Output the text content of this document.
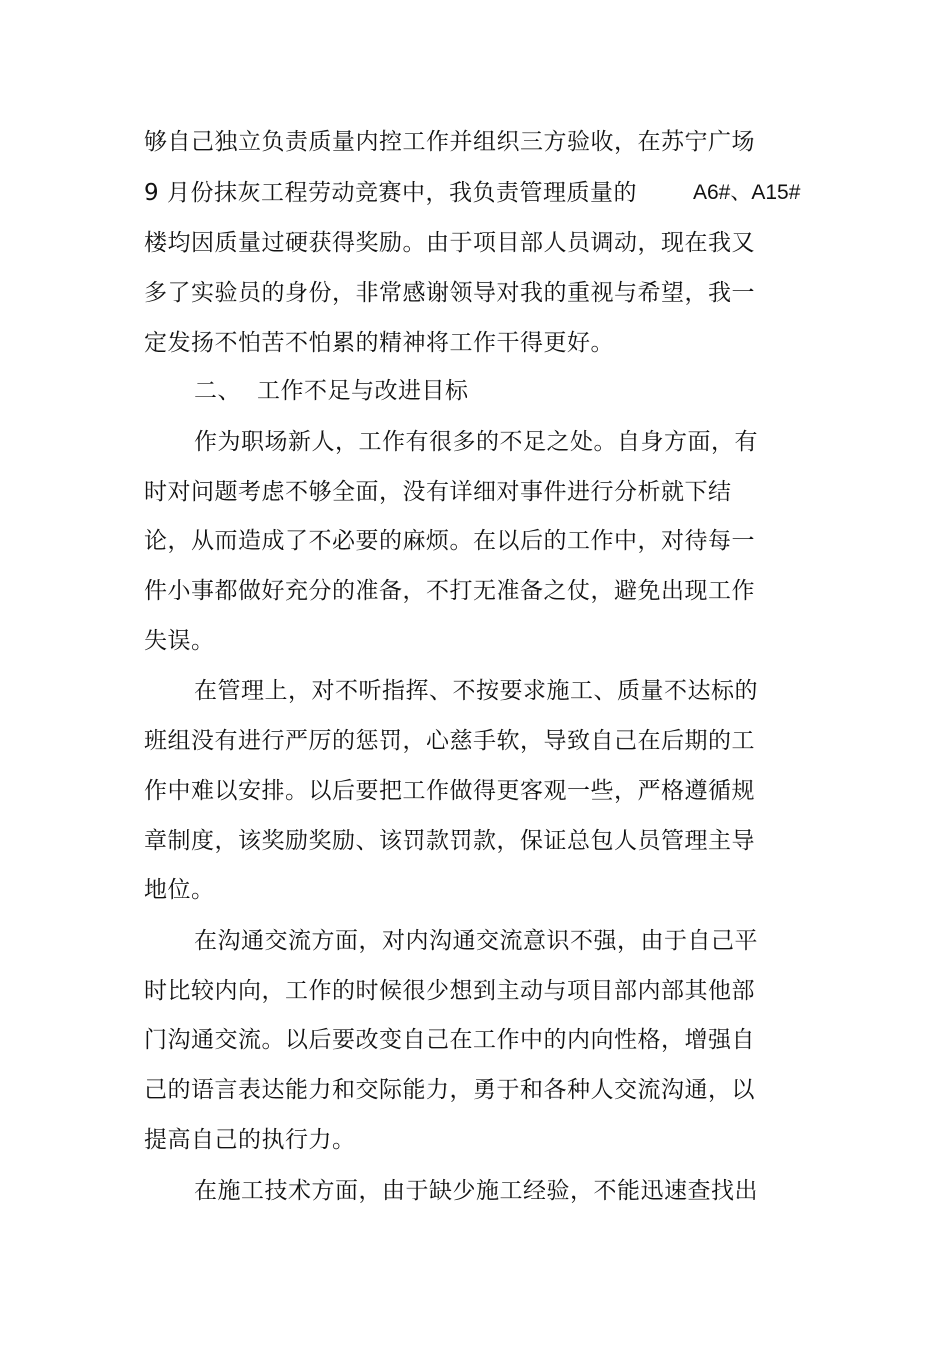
够自己独立负责质量内控工作并组织三方验收，在苏宁广场
9 月份抹灰工程劳动竞赛中，我负责管理质量的	A6#、A15#
楼均因质量过硬获得奖励。由于项目部人员调动，现在我又
多了实验员的身份，非常感谢领导对我的重视与希望，我一
定发扬不怕苦不怕累的精神将工作干得更好。
二、 工作不足与改进目标
作为职场新人，工作有很多的不足之处。自身方面，有
时对问题考虑不够全面，没有详细对事件进行分析就下结
论，从而造成了不必要的麻烦。在以后的工作中，对待每一
件小事都做好充分的准备，不打无准备之仗，避免出现工作
失误。
在管理上，对不听指挥、不按要求施工、质量不达标的
班组没有进行严厉的惩罚，心慈手软，导致自己在后期的工
作中难以安排。以后要把工作做得更客观一些，严格遵循规
章制度，该奖励奖励、该罚款罚款，保证总包人员管理主导
地位。
在沟通交流方面，对内沟通交流意识不强，由于自己平
时比较内向，工作的时候很少想到主动与项目部内部其他部
门沟通交流。以后要改变自己在工作中的内向性格，增强自
己的语言表达能力和交际能力，勇于和各种人交流沟通，以
提高自己的执行力。
在施工技术方面，由于缺少施工经验，不能迅速查找出
